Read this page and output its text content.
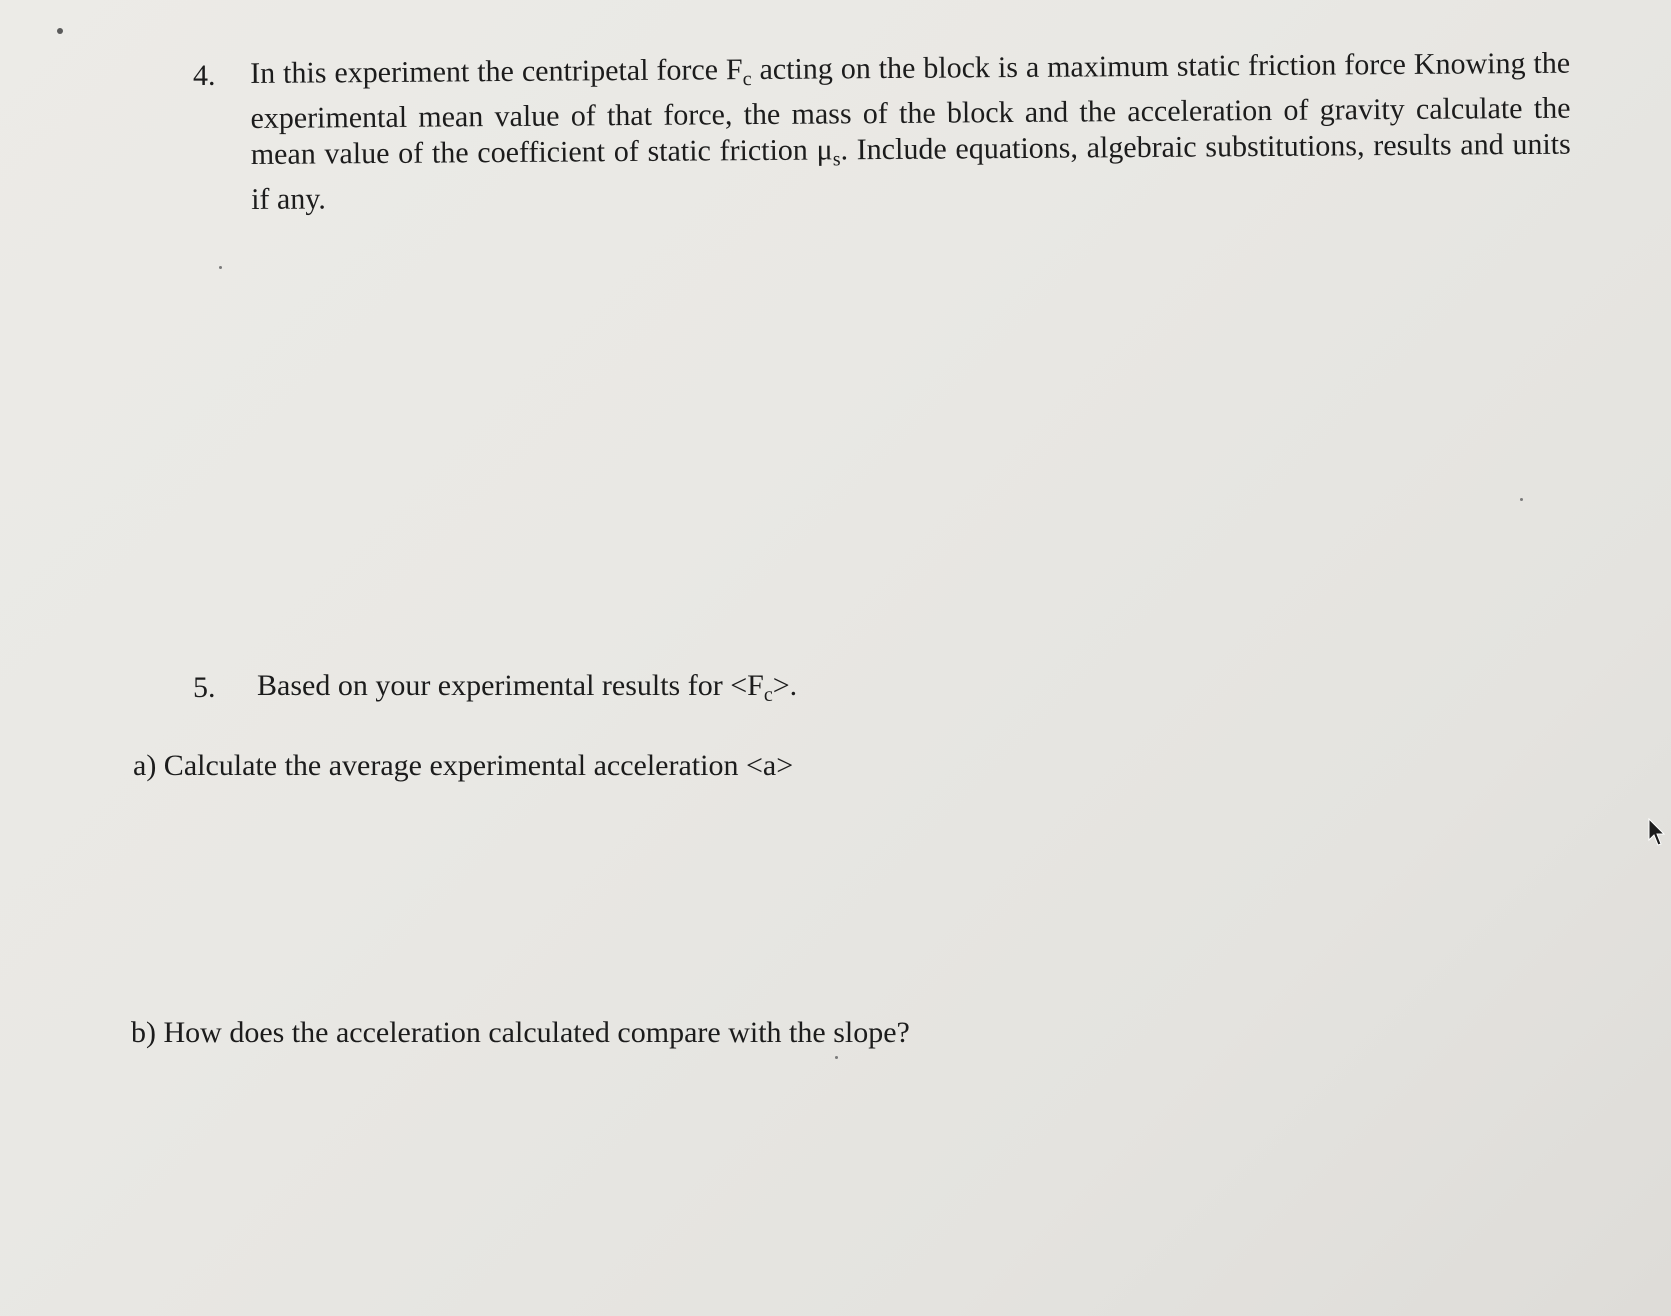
4. In this experiment the centripetal force $F_c$ acting on the block is a maximum static friction force Knowing the experimental mean value of that force, the mass of the block and the acceleration of gravity calculate the mean value of the coefficient of static friction $\mu_s$. Include equations, algebraic substitutions, results and units if any.
5. Based on your experimental results for $<F_c>$.
a) Calculate the average experimental acceleration <a>
b) How does the acceleration calculated compare with the slope?
